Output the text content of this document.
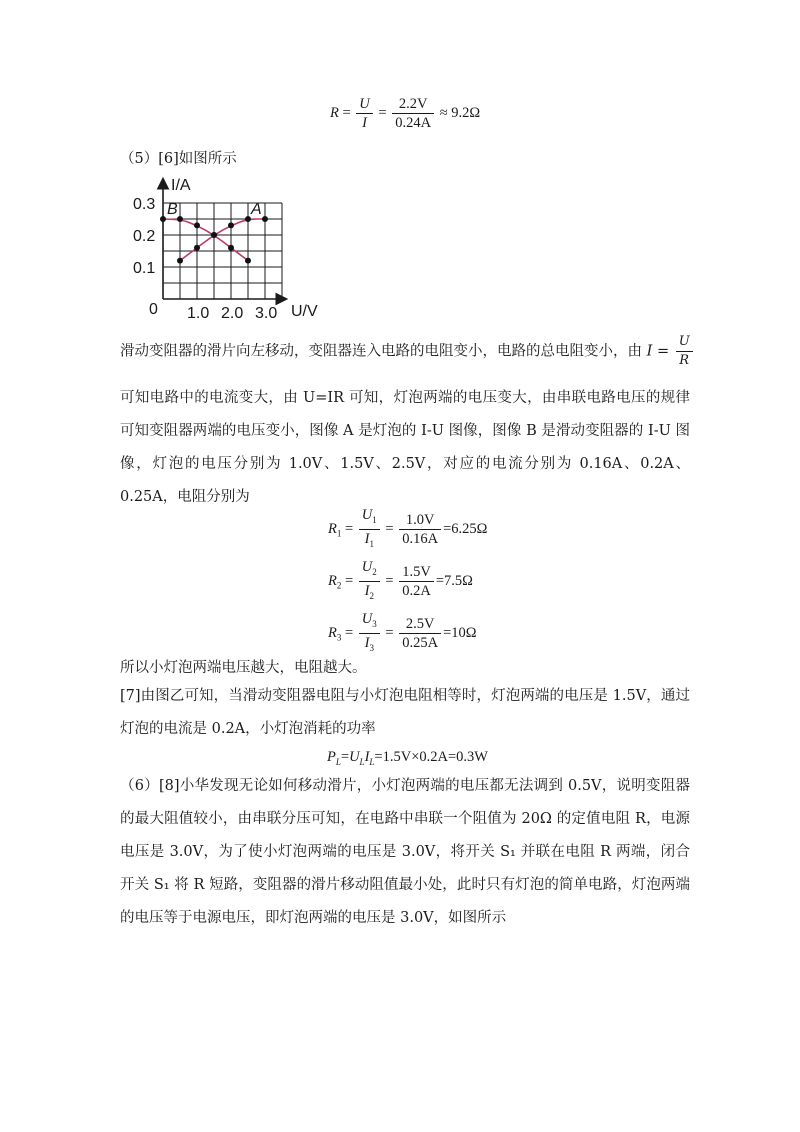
$R = \frac{U}{I} = \frac{2.2V}{0.24A} \approx 9.2\Omega$
（5）[6]如图所示
I/A
U/V
0
0.3
0.2
0.1
1.0 2.0 3.0
B	A
滑动变阻器的滑片向左移动，变阻器连入电路的电阻变小，电路的总电阻变小，由 $I = \frac{U}{R}$
可知电路中的电流变大，由 U=IR 可知，灯泡两端的电压变大，由串联电路电压的规律可知变阻器两端的电压变小，图像 A 是灯泡的 I-U 图像，图像 B 是滑动变阻器的 I-U 图像，灯泡的电压分别为 1.0V、1.5V、2.5V，对应的电流分别为 0.16A、0.2A、0.25A，电阻分别为
$R_1 = \frac{U_1}{I_1} = \frac{1.0V}{0.16A} =6.25\Omega$
$R_2 = \frac{U_2}{I_2} = \frac{1.5V}{0.2A} =7.5\Omega$
$R_3 = \frac{U_3}{I_3} = \frac{2.5V}{0.25A} =10\Omega$
所以小灯泡两端电压越大，电阻越大。
[7]由图乙可知，当滑动变阻器电阻与小灯泡电阻相等时，灯泡两端的电压是 1.5V，通过灯泡的电流是 0.2A，小灯泡消耗的功率
$P_L=U_LI_L=1.5V\times 0.2A=0.3W$
（6）[8]小华发现无论如何移动滑片，小灯泡两端的电压都无法调到 0.5V，说明变阻器的最大阻值较小，由串联分压可知，在电路中串联一个阻值为 20Ω 的定值电阻 R，电源电压是 3.0V，为了使小灯泡两端的电压是 3.0V，将开关 S₁ 并联在电阻 R 两端，闭合开关 S₁ 将 R 短路，变阻器的滑片移动阻值最小处，此时只有灯泡的简单电路，灯泡两端的电压等于电源电压，即灯泡两端的电压是 3.0V，如图所示
